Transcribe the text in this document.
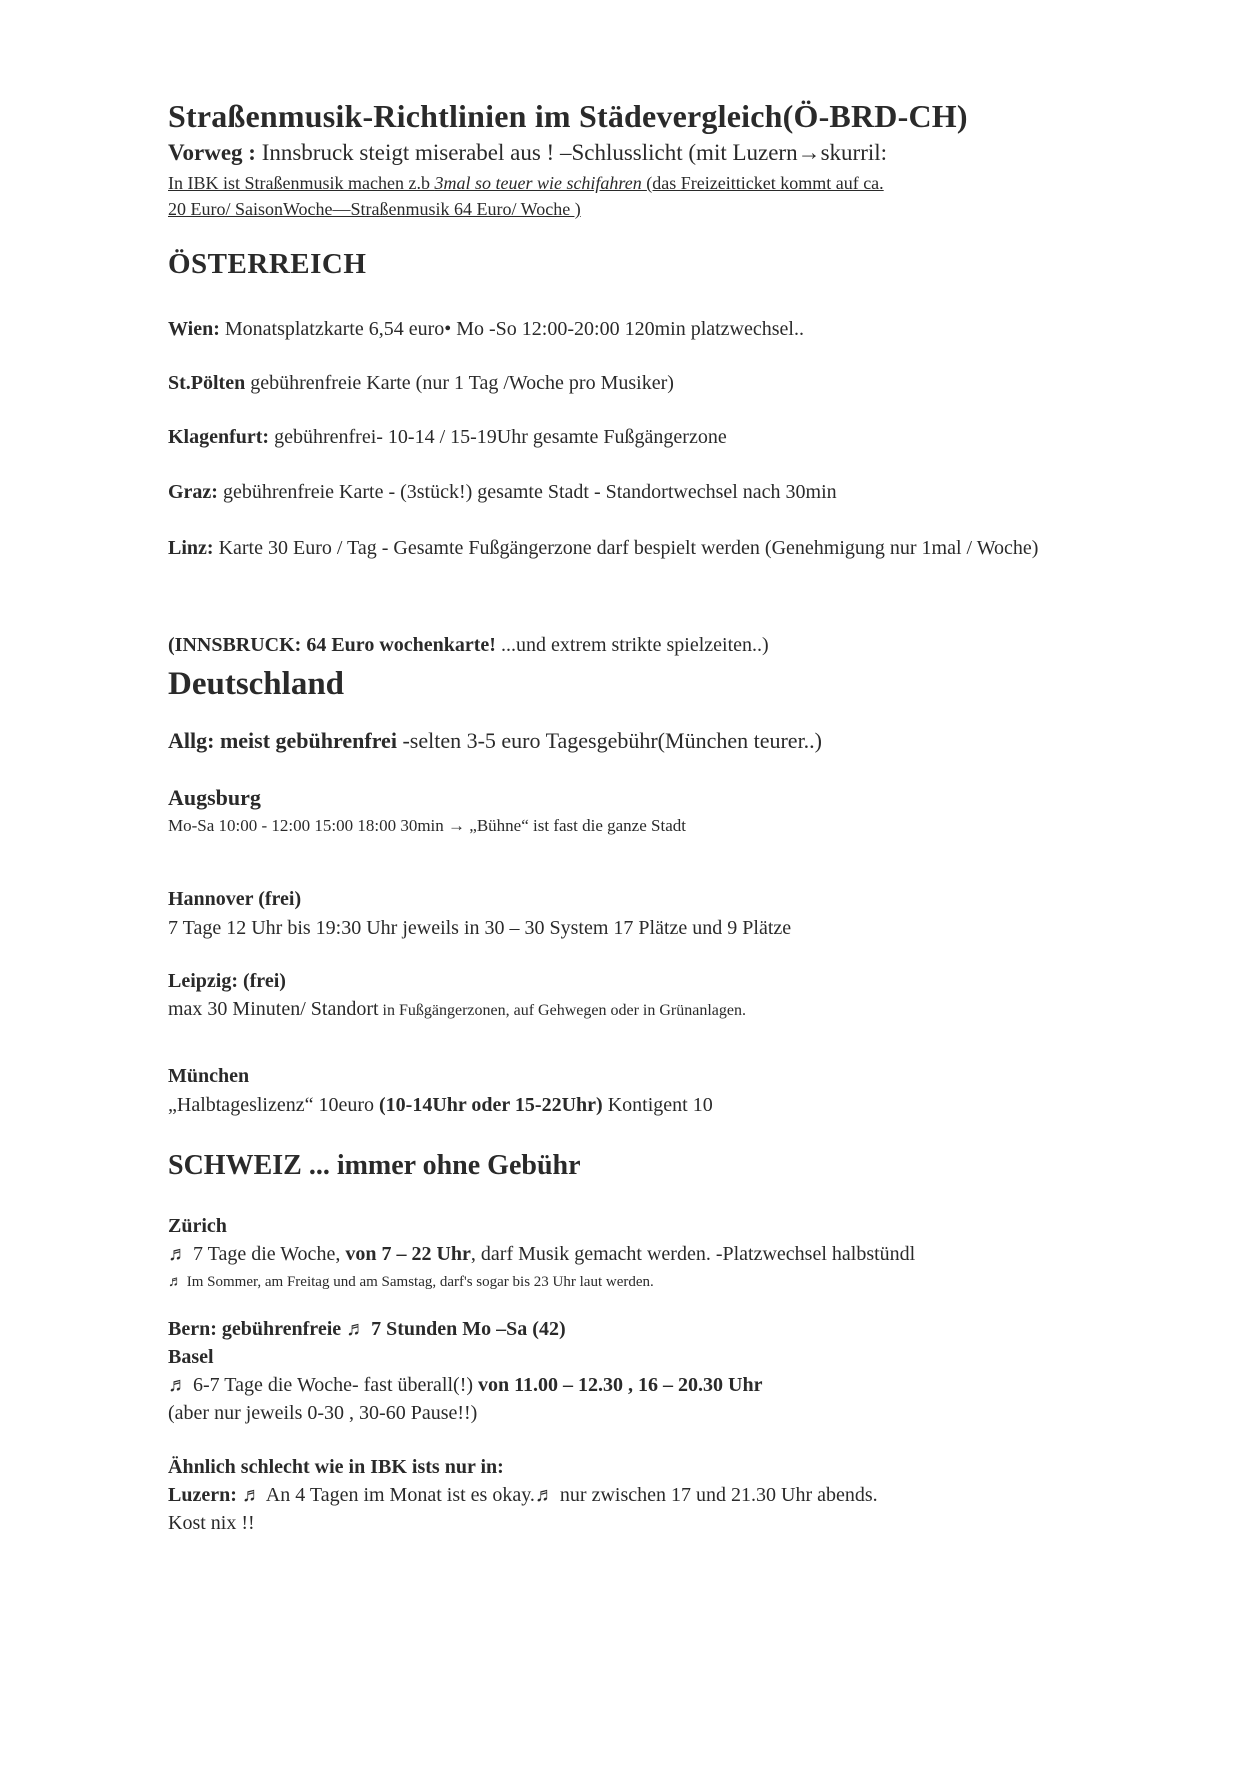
Straßenmusik-Richtlinien im Städevergleich(Ö-BRD-CH)
Vorweg : Innsbruck steigt miserabel aus ! –Schlusslicht (mit Luzern→skurril:
In IBK ist Straßenmusik machen z.b 3mal so teuer wie schifahren (das Freizeitticket kommt auf ca.
20 Euro/ SaisonWoche—Straßenmusik 64 Euro/ Woche )
ÖSTERREICH
Wien: Monatsplatzkarte 6,54 euro• Mo -So 12:00-20:00 120min platzwechsel..
St.Pölten gebührenfreie Karte (nur 1 Tag /Woche pro Musiker)
Klagenfurt: gebührenfrei- 10-14 / 15-19Uhr gesamte Fußgängerzone
Graz: gebührenfreie Karte - (3stück!) gesamte Stadt - Standortwechsel nach 30min
Linz: Karte 30 Euro / Tag - Gesamte Fußgängerzone darf bespielt werden (Genehmigung nur 1mal / Woche)
(INNSBRUCK: 64 Euro wochenkarte! ...und extrem strikte spielzeiten..)
Deutschland
Allg: meist gebührenfrei -selten 3-5 euro Tagesgebühr(München teurer..)
Augsburg
Mo-Sa 10:00 - 12:00 15:00 18:00 30min → „Bühne“ ist fast die ganze Stadt
Hannover (frei)
7 Tage 12 Uhr bis 19:30 Uhr jeweils in 30 – 30 System 17 Plätze und 9 Plätze
Leipzig: (frei)
max 30 Minuten/ Standort in Fußgängerzonen, auf Gehwegen oder in Grünanlagen.
München
„Halbtageslizenz“ 10euro (10-14Uhr oder 15-22Uhr) Kontigent 10
SCHWEIZ ... immer ohne Gebühr
Zürich
♬ 7 Tage die Woche, von 7 – 22 Uhr, darf Musik gemacht werden. -Platzwechsel halbstündl
♬ Im Sommer, am Freitag und am Samstag, darf's sogar bis 23 Uhr laut werden.
Bern: gebührenfreie ♬ 7 Stunden Mo –Sa (42)
Basel
♬ 6-7 Tage die Woche- fast überall(!) von 11.00 – 12.30 , 16 – 20.30 Uhr
(aber nur jeweils 0-30 , 30-60 Pause!!)
Ähnlich schlecht wie in IBK ists nur in:
Luzern: ♬ An 4 Tagen im Monat ist es okay.♬ nur zwischen 17 und 21.30 Uhr abends.
Kost nix !!
